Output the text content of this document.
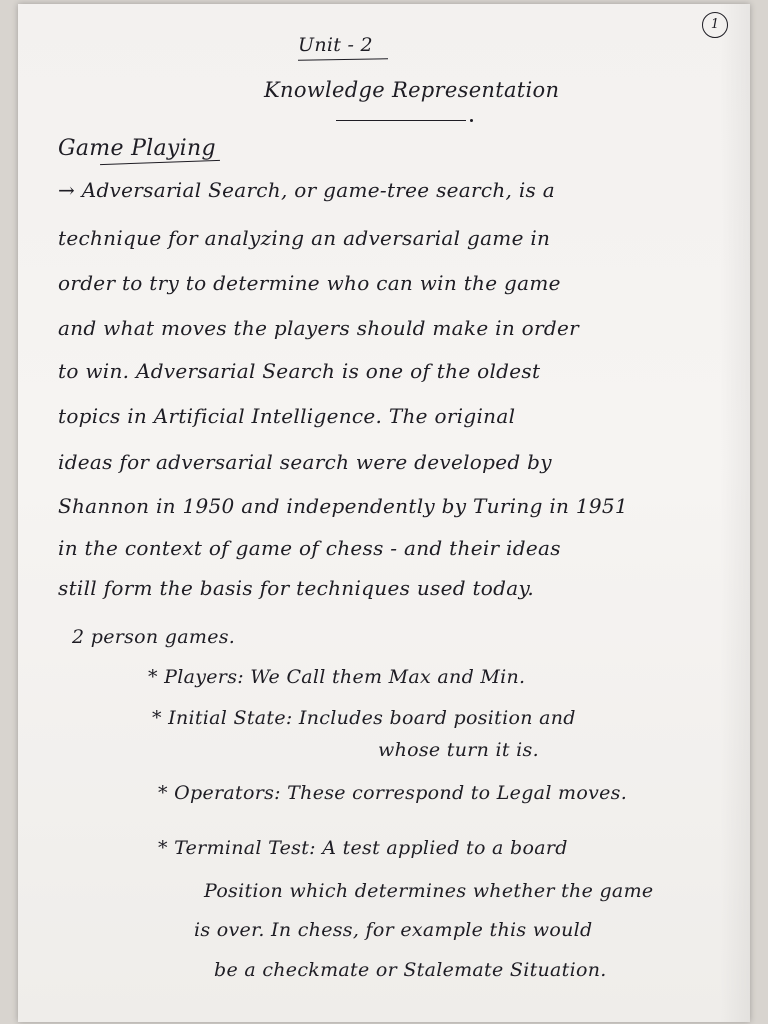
1
Unit - 2
Knowledge Representation
Game Playing
→ Adversarial Search, or game-tree search, is a
technique for analyzing an adversarial game in
order to try to determine who can win the game
and what moves the players should make in order
to win. Adversarial Search is one of the oldest
topics in Artificial Intelligence. The original
ideas for adversarial search were developed by
Shannon in 1950 and independently by Turing in 1951
in the context of game of chess - and their ideas
still form the basis for techniques used today.
2 person games.
* Players: We Call them Max and Min.
* Initial State: Includes board position and
whose turn it is.
* Operators: These correspond to Legal moves.
* Terminal Test: A test applied to a board
Position which determines whether the game
is over. In chess, for example this would
be a checkmate or Stalemate Situation.
